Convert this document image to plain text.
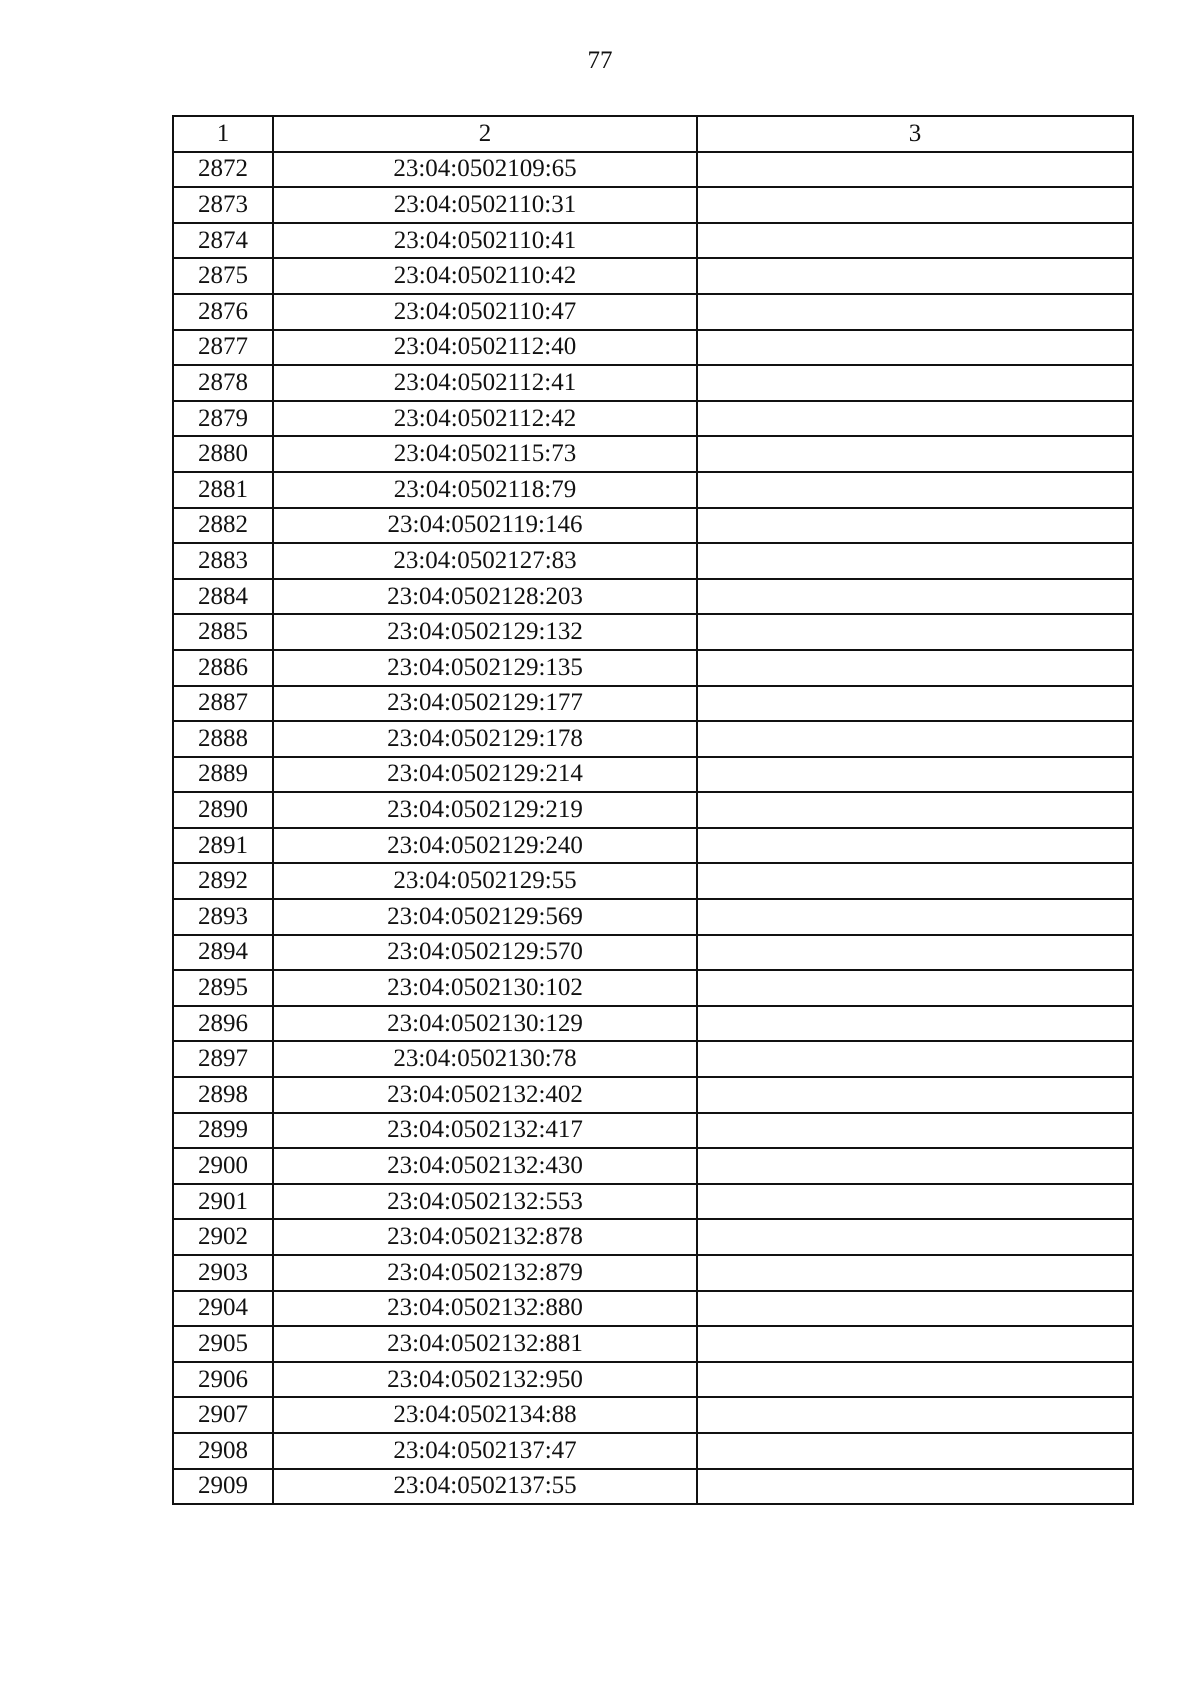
77
1	2	3
2872	23:04:0502109:65	
2873	23:04:0502110:31	
2874	23:04:0502110:41	
2875	23:04:0502110:42	
2876	23:04:0502110:47	
2877	23:04:0502112:40	
2878	23:04:0502112:41	
2879	23:04:0502112:42	
2880	23:04:0502115:73	
2881	23:04:0502118:79	
2882	23:04:0502119:146	
2883	23:04:0502127:83	
2884	23:04:0502128:203	
2885	23:04:0502129:132	
2886	23:04:0502129:135	
2887	23:04:0502129:177	
2888	23:04:0502129:178	
2889	23:04:0502129:214	
2890	23:04:0502129:219	
2891	23:04:0502129:240	
2892	23:04:0502129:55	
2893	23:04:0502129:569	
2894	23:04:0502129:570	
2895	23:04:0502130:102	
2896	23:04:0502130:129	
2897	23:04:0502130:78	
2898	23:04:0502132:402	
2899	23:04:0502132:417	
2900	23:04:0502132:430	
2901	23:04:0502132:553	
2902	23:04:0502132:878	
2903	23:04:0502132:879	
2904	23:04:0502132:880	
2905	23:04:0502132:881	
2906	23:04:0502132:950	
2907	23:04:0502134:88	
2908	23:04:0502137:47	
2909	23:04:0502137:55	
